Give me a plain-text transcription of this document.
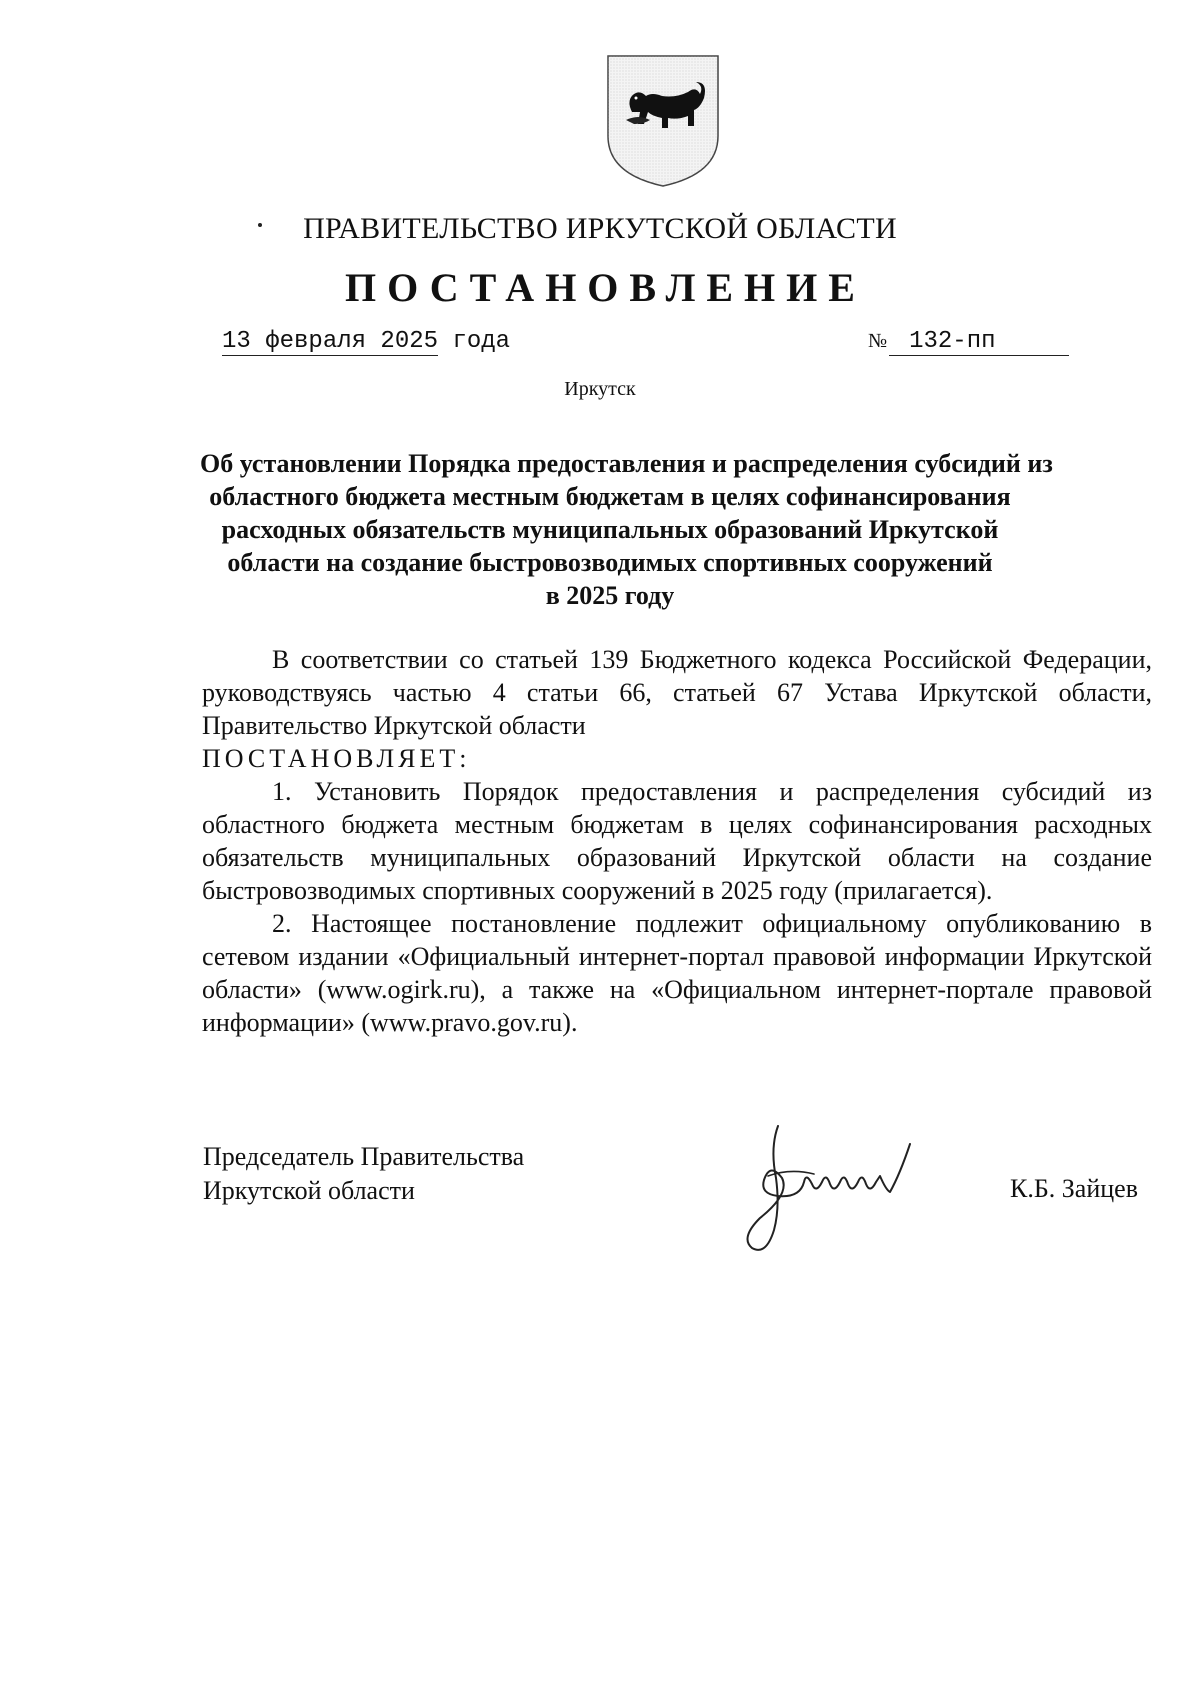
ПРАВИТЕЛЬСТВО ИРКУТСКОЙ ОБЛАСТИ
ПОСТАНОВЛЕНИЕ
13 февраля 2025 года	№ 132-пп
Иркутск
Об установлении Порядка предоставления и распределения субсидий из
областного бюджета местным бюджетам в целях софинансирования
расходных обязательств муниципальных образований Иркутской
области на создание быстровозводимых спортивных сооружений
в 2025 году

В соответствии со статьей 139 Бюджетного кодекса Российской Федерации, руководствуясь частью 4 статьи 66, статьей 67 Устава Иркутской области, Правительство Иркутской области

ПОСТАНОВЛЯЕТ:

1. Установить Порядок предоставления и распределения субсидий из областного бюджета местным бюджетам в целях софинансирования расходных обязательств муниципальных образований Иркутской области на создание быстровозводимых спортивных сооружений в 2025 году (прилагается).

2. Настоящее постановление подлежит официальному опубликованию в сетевом издании «Официальный интернет-портал правовой информации Иркутской области» (www.ogirk.ru), а также на «Официальном интернет-портале правовой информации» (www.pravo.gov.ru).

Председатель Правительства
Иркутской области	К.Б. Зайцев
